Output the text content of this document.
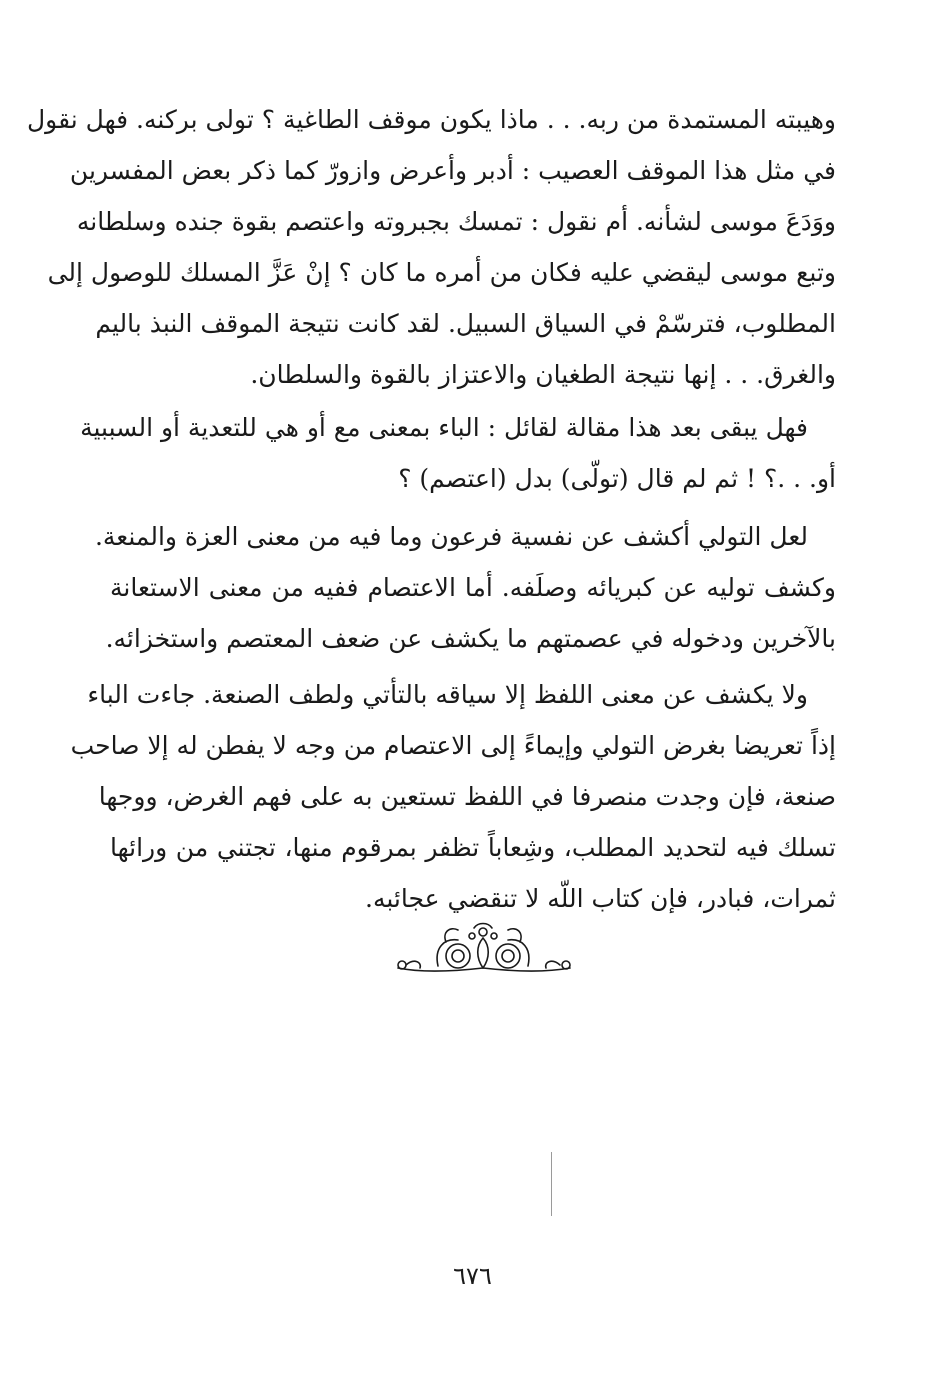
وهيبته المستمدة من ربه. . . ماذا يكون موقف الطاغية ؟ تولى بركنه. فهل نقول
في مثل هذا الموقف العصيب : أدبر وأعرض وازورّ كما ذكر بعض المفسرين
ووَدَعَ موسى لشأنه. أم نقول : تمسك بجبروته واعتصم بقوة جنده وسلطانه
وتبع موسى ليقضي عليه فكان من أمره ما كان ؟ إنْ عَزَّ المسلك للوصول إلى
المطلوب، فترسّمْ في السياق السبيل. لقد كانت نتيجة الموقف النبذ باليم
والغرق. . . إنها نتيجة الطغيان والاعتزاز بالقوة والسلطان.
فهل يبقى بعد هذا مقالة لقائل : الباء بمعنى مع أو هي للتعدية أو السببية
أو. . .؟ ! ثم لم قال (تولّى) بدل (اعتصم) ؟
لعل التولي أكشف عن نفسية فرعون وما فيه من معنى العزة والمنعة.
وكشف توليه عن كبريائه وصلَفه. أما الاعتصام ففيه من معنى الاستعانة
بالآخرين ودخوله في عصمتهم ما يكشف عن ضعف المعتصم واستخزائه.
ولا يكشف عن معنى اللفظ إلا سياقه بالتأتي ولطف الصنعة. جاءت الباء
إذاً تعريضا بغرض التولي وإيماءً إلى الاعتصام من وجه لا يفطن له إلا صاحب
صنعة، فإن وجدت منصرفا في اللفظ تستعين به على فهم الغرض، ووجها
تسلك فيه لتحديد المطلب، وشِعاباً تظفر بمرقوم منها، تجتني من ورائها
ثمرات، فبادر، فإن كتاب اللّه لا تنقضي عجائبه.
٦٧٦
